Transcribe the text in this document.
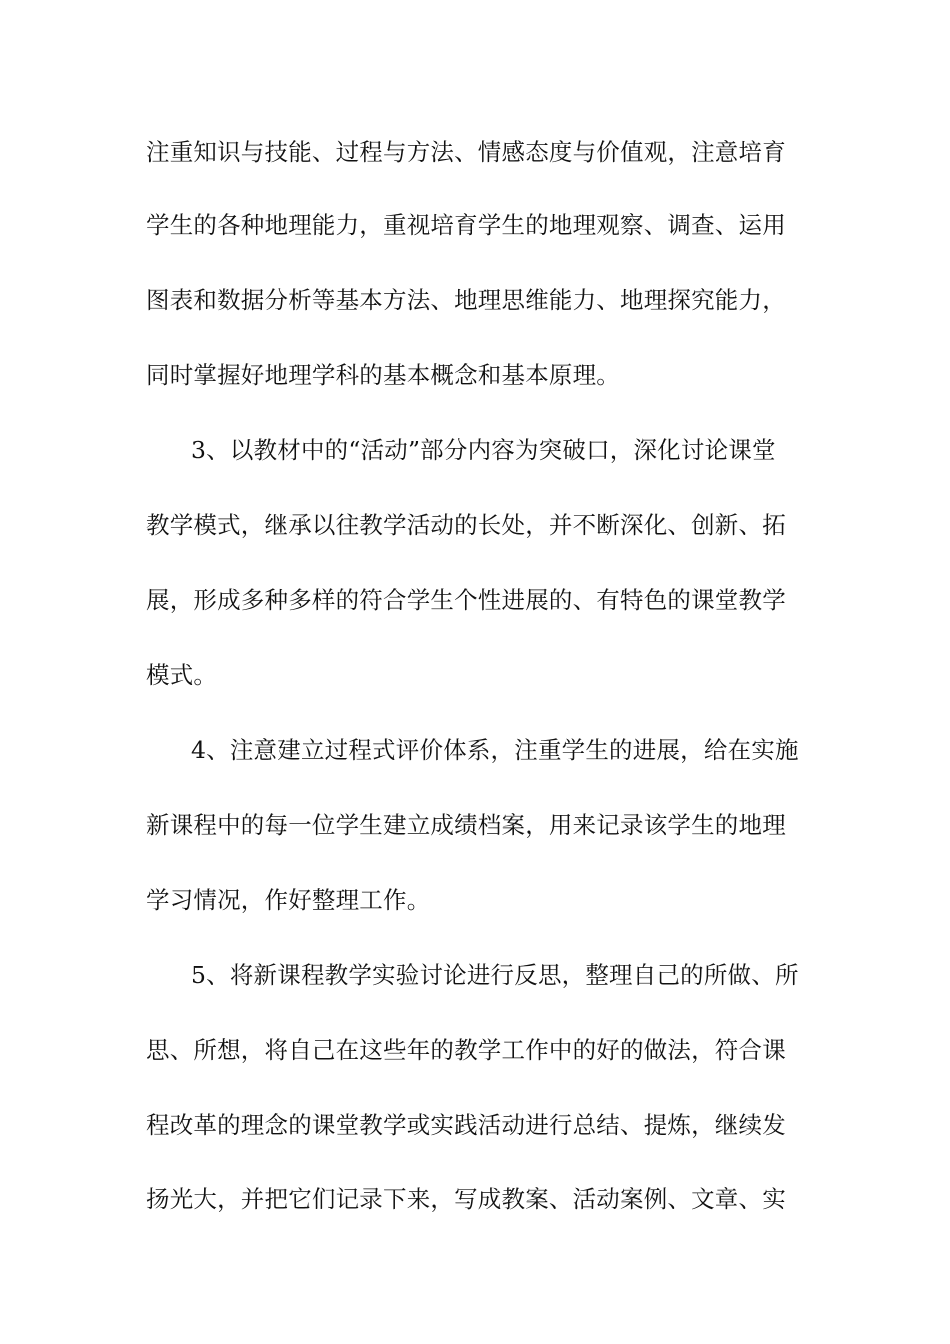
注重知识与技能、过程与方法、情感态度与价值观，注意培育
学生的各种地理能力，重视培育学生的地理观察、调查、运用
图表和数据分析等基本方法、地理思维能力、地理探究能力，
同时掌握好地理学科的基本概念和基本原理。
3、以教材中的“活动”部分内容为突破口，深化讨论课堂
教学模式，继承以往教学活动的长处，并不断深化、创新、拓
展，形成多种多样的符合学生个性进展的、有特色的课堂教学
模式。
4、注意建立过程式评价体系，注重学生的进展，给在实施
新课程中的每一位学生建立成绩档案，用来记录该学生的地理
学习情况，作好整理工作。
5、将新课程教学实验讨论进行反思，整理自己的所做、所
思、所想，将自己在这些年的教学工作中的好的做法，符合课
程改革的理念的课堂教学或实践活动进行总结、提炼，继续发
扬光大，并把它们记录下来，写成教案、活动案例、文章、实
